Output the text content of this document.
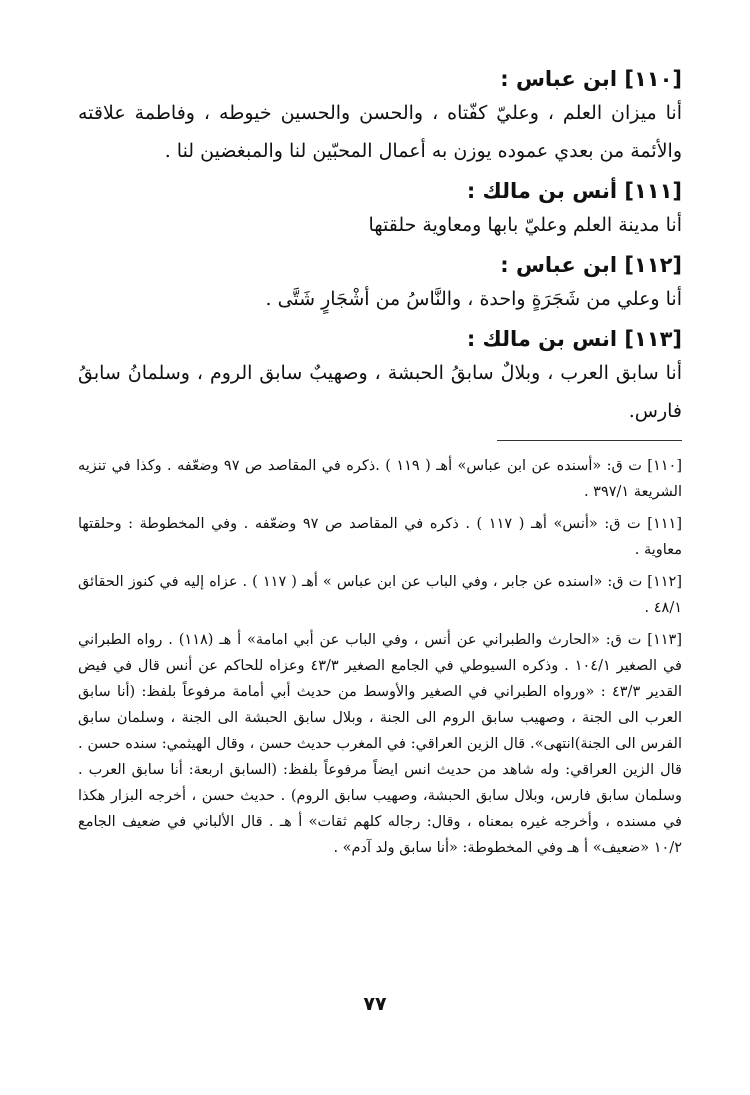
[١١٠] ابن عباس :

أنا ميزان العلم ، وعليّ كفّتاه ، والحسن والحسين خيوطه ، وفاطمة علاقته والأئمة من بعدي عموده يوزن به أعمال المحبّين لنا والمبغضين لنا .

[١١١] أنس بن مالك :

أنا مدينة العلم وعليّ بابها ومعاوية حلقتها

[١١٢] ابن عباس :

أنا وعلي من شَجَرَةٍ واحدة ، والنَّاسُ من أشْجَارٍ شَتَّى .

[١١٣] انس بن مالك :

أنا سابق العرب ، وبلالٌ سابقُ الحبشة ، وصهيبٌ سابق الروم ، وسلمانُ سابقُ فارس.

[١١٠] ت ق: «أسنده عن ابن عباس» أهـ ( ١١٩ ) .ذكره في المقاصد ص ٩٧ وضعّفه . وكذا في تنزيه الشريعة ٣٩٧/١ .

[١١١] ت ق: «أنس» أهـ ( ١١٧ ) . ذكره في المقاصد ص ٩٧ وضعّفه . وفي المخطوطة : وحلقتها معاوية .

[١١٢] ت ق: «اسنده عن جابر ، وفي الباب عن ابن عباس » أهـ ( ١١٧ ) . عزاه إليه في كنوز الحقائق ٤٨/١ .

[١١٣] ت ق: «الحارث والطبراني عن أنس ، وفي الباب عن أبي امامة» أ هـ (١١٨) . رواه الطبراني في الصغير ١٠٤/١ . وذكره السيوطي في الجامع الصغير ٤٣/٣ وعزاه للحاكم عن أنس قال في فيض القدير ٤٣/٣ : «ورواه الطبراني في الصغير والأوسط من حديث أبي أمامة مرفوعاً بلفظ: (أنا سابق العرب الى الجنة ، وصهيب سابق الروم الى الجنة ، وبلال سابق الحبشة الى الجنة ، وسلمان سابق الفرس الى الجنة)انتهى». قال الزين العراقي: في المغرب حديث حسن ، وقال الهيثمي: سنده حسن . قال الزين العراقي: وله شاهد من حديث انس ايضاً مرفوعاً بلفظ: (السابق اربعة: أنا سابق العرب . وسلمان سابق فارس، وبلال سابق الحبشة، وصهيب سابق الروم) . حديث حسن ، أخرجه البزار هكذا في مسنده ، وأخرجه غيره بمعناه ، وقال: رجاله كلهم ثقات» أ هـ . قال الألباني في ضعيف الجامع ١٠/٢ «ضعيف» أ هـ وفي المخطوطة: «أنا سابق ولد آدم» .

٧٧
